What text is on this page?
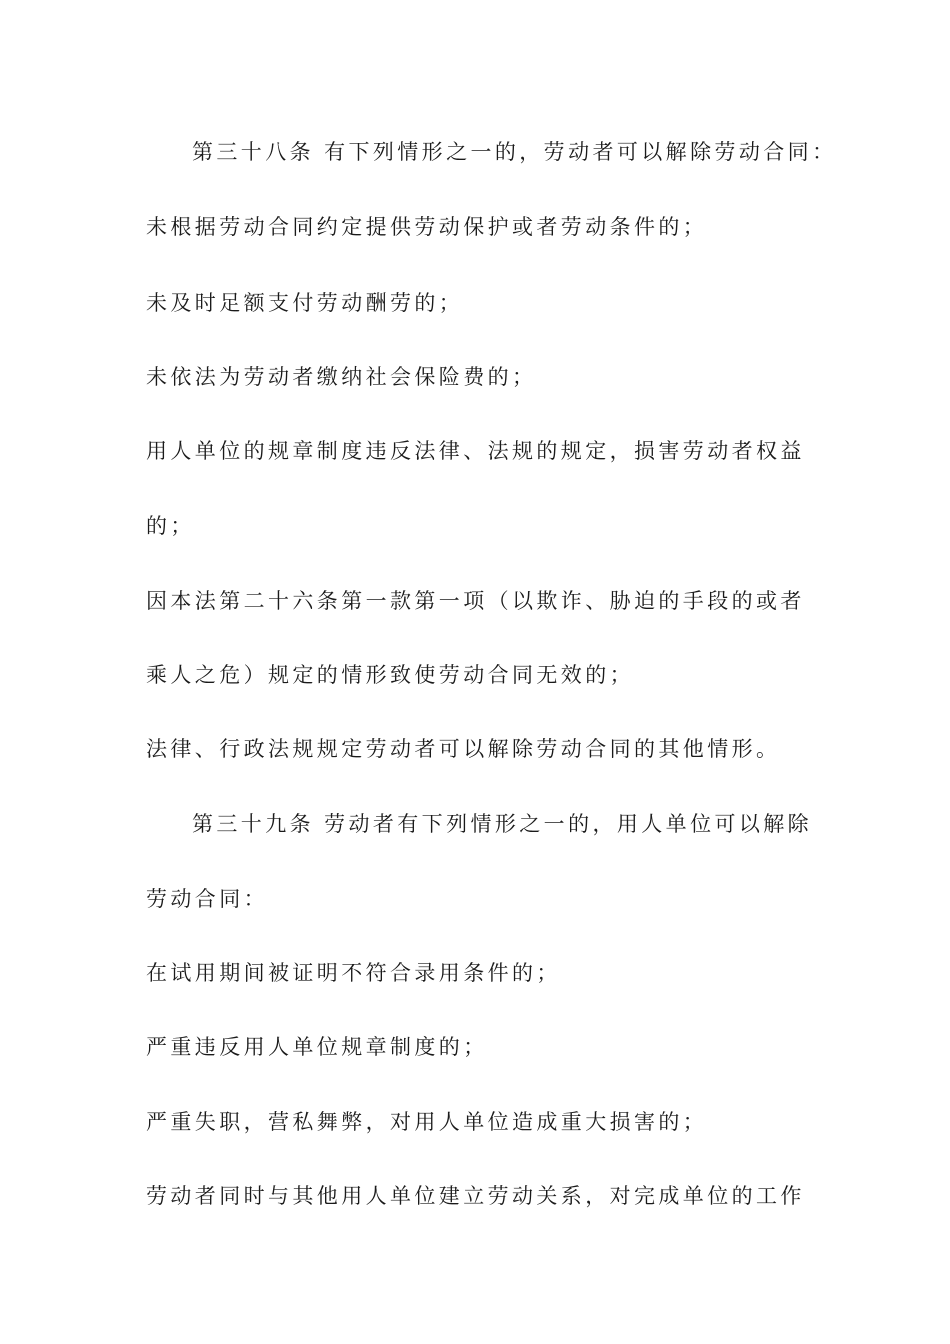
第三十八条 有下列情形之一的，劳动者可以解除劳动合同：
未根据劳动合同约定提供劳动保护或者劳动条件的；
未及时足额支付劳动酬劳的；
未依法为劳动者缴纳社会保险费的；
用人单位的规章制度违反法律、法规的规定，损害劳动者权益
的；
因本法第二十六条第一款第一项（以欺诈、胁迫的手段的或者
乘人之危）规定的情形致使劳动合同无效的；
法律、行政法规规定劳动者可以解除劳动合同的其他情形。
第三十九条 劳动者有下列情形之一的，用人单位可以解除
劳动合同：
在试用期间被证明不符合录用条件的；
严重违反用人单位规章制度的；
严重失职，营私舞弊，对用人单位造成重大损害的；
劳动者同时与其他用人单位建立劳动关系，对完成单位的工作
